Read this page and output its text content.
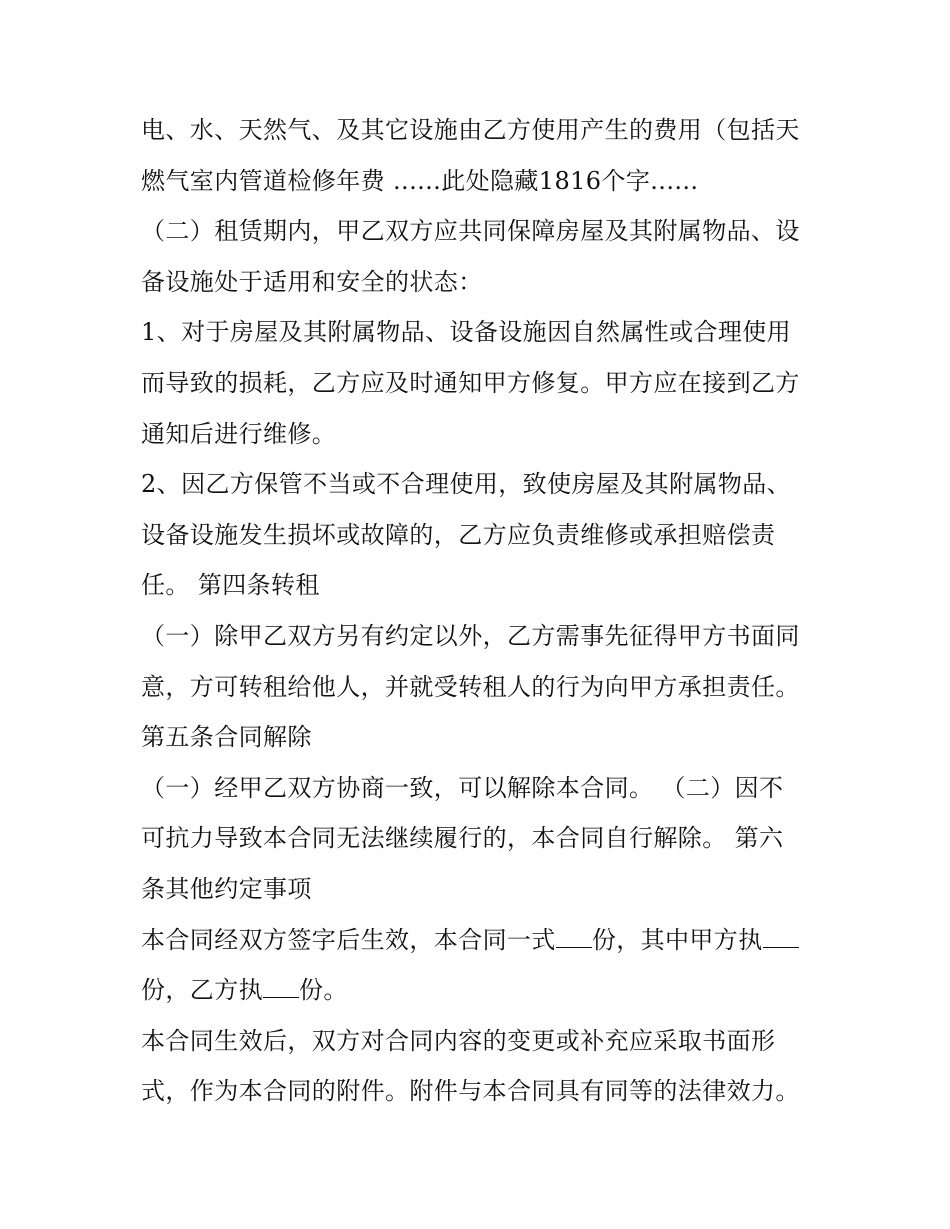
电、水、天然气、及其它设施由乙方使用产生的费用（包括天
燃气室内管道检修年费 ......此处隐藏1816个字......
（二）租赁期内，甲乙双方应共同保障房屋及其附属物品、设
备设施处于适用和安全的状态：
1、对于房屋及其附属物品、设备设施因自然属性或合理使用
而导致的损耗，乙方应及时通知甲方修复。甲方应在接到乙方
通知后进行维修。
2、因乙方保管不当或不合理使用，致使房屋及其附属物品、
设备设施发生损坏或故障的，乙方应负责维修或承担赔偿责
任。 第四条转租
（一）除甲乙双方另有约定以外，乙方需事先征得甲方书面同
意，方可转租给他人，并就受转租人的行为向甲方承担责任。
第五条合同解除
（一）经甲乙双方协商一致，可以解除本合同。 （二）因不
可抗力导致本合同无法继续履行的，本合同自行解除。 第六
条其他约定事项
本合同经双方签字后生效，本合同一式 份，其中甲方执
份，乙方执 份。
本合同生效后，双方对合同内容的变更或补充应采取书面形
式，作为本合同的附件。附件与本合同具有同等的法律效力。
